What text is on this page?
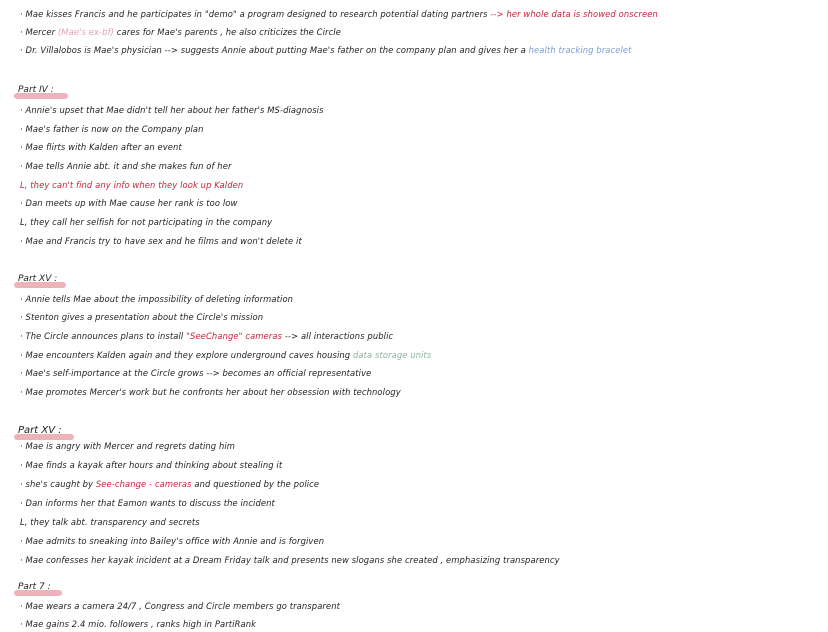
· Mae kisses Francis and he participates in "demo" a program designed to research potential dating partners --> her whole data is showed onscreen
· Mercer (Mae's ex-bf) cares for Mae's parents , he also criticizes the Circle
· Dr. Villalobos is Mae's physician --> suggests Annie about putting Mae's father on the company plan and gives her a health tracking bracelet
Part IV :
· Annie's upset that Mae didn't tell her about her father's MS-diagnosis
· Mae's father is now on the Company plan
· Mae flirts with Kalden after an event
· Mae tells Annie abt. it and she makes fun of her
L, they can't find any info when they look up Kalden
· Dan meets up with Mae cause her rank is too low
L, they call her selfish for not participating in the company
· Mae and Francis try to have sex and he films and won't delete it
Part XV :
· Annie tells Mae about the impossibility of deleting information
· Stenton gives a presentation about the Circle's mission
· The Circle announces plans to install "SeeChange" cameras --> all interactions public
· Mae encounters Kalden again and they explore underground caves housing data storage units
· Mae's self-importance at the Circle grows --> becomes an official representative
· Mae promotes Mercer's work but he confronts her about her obsession with technology
Part XV :
· Mae is angry with Mercer and regrets dating him
· Mae finds a kayak after hours and thinking about stealing it
· she's caught by See-change - cameras and questioned by the police
· Dan informs her that Eamon wants to discuss the incident
L, they talk abt. transparency and secrets
· Mae admits to sneaking into Bailey's office with Annie and is forgiven
· Mae confesses her kayak incident at a Dream Friday talk and presents new slogans she created , emphasizing transparency
Part 7 :
· Mae wears a camera 24/7 , Congress and Circle members go transparent
· Mae gains 2.4 mio. followers , ranks high in PartiRank
